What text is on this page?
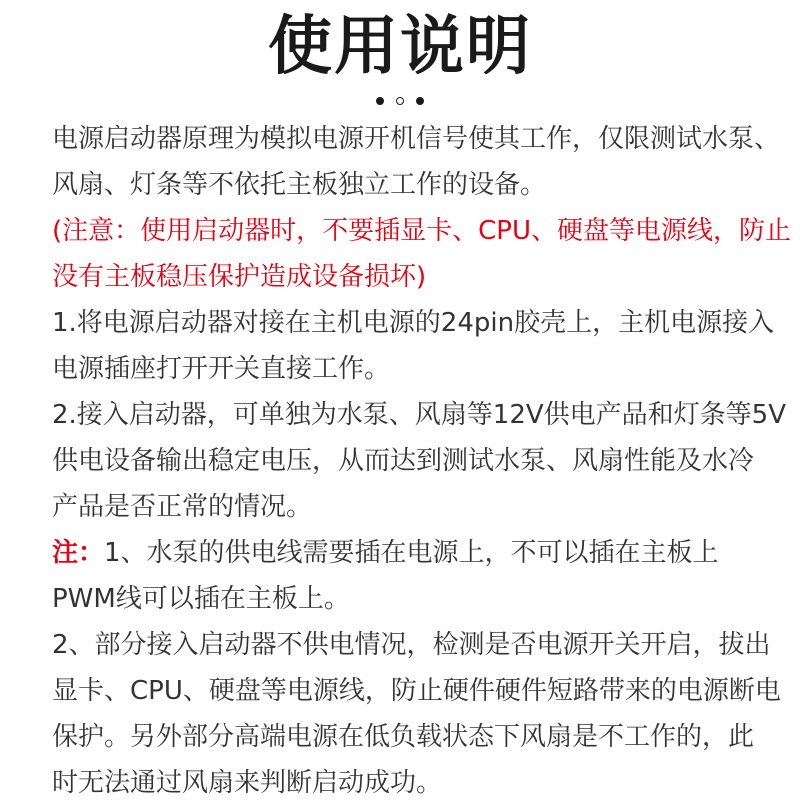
使用说明

电源启动器原理为模拟电源开机信号使其工作，仅限测试水泵、

风扇、灯条等不依托主板独立工作的设备。

(注意：使用启动器时，不要插显卡、CPU、硬盘等电源线，防止

没有主板稳压保护造成设备损坏)

1.将电源启动器对接在主机电源的24pin胶壳上，主机电源接入

电源插座打开开关直接工作。

2.接入启动器，可单独为水泵、风扇等12V供电产品和灯条等5V

供电设备输出稳定电压，从而达到测试水泵、风扇性能及水冷

产品是否正常的情况。

注：1、水泵的供电线需要插在电源上，不可以插在主板上

PWM线可以插在主板上。

2、部分接入启动器不供电情况，检测是否电源开关开启，拔出

显卡、CPU、硬盘等电源线，防止硬件硬件短路带来的电源断电

保护。另外部分高端电源在低负载状态下风扇是不工作的，此

时无法通过风扇来判断启动成功。
